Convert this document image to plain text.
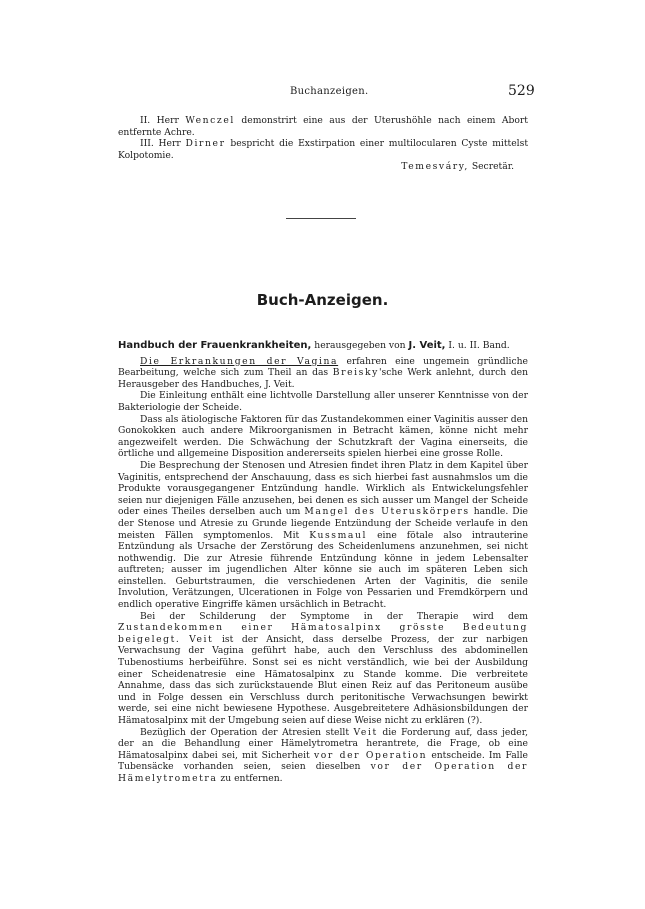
Buchanzeigen.	529

II. Herr Wenczel demonstrirt eine aus der Uterushöhle nach einem Abort entfernte Achre.

III. Herr Dirner bespricht die Exstirpation einer multilocularen Cyste mittelst Kolpotomie.

Temesváry, Secretär.

Buch-Anzeigen.

Handbuch der Frauenkrankheiten, herausgegeben von J. Veit, I. u. II. Band.

Die Erkrankungen der Vagina erfahren eine ungemein gründliche Bearbeitung, welche sich zum Theil an das Breisky'sche Werk anlehnt, durch den Herausgeber des Handbuches, J. Veit.

Die Einleitung enthält eine lichtvolle Darstellung aller unserer Kenntnisse von der Bakteriologie der Scheide.

Dass als ätiologische Faktoren für das Zustandekommen einer Vaginitis ausser den Gonokokken auch andere Mikroorganismen in Betracht kämen, könne nicht mehr angezweifelt werden. Die Schwächung der Schutzkraft der Vagina einerseits, die örtliche und allgemeine Disposition andererseits spielen hierbei eine grosse Rolle.

Die Besprechung der Stenosen und Atresien findet ihren Platz in dem Kapitel über Vaginitis, entsprechend der Anschauung, dass es sich hierbei fast ausnahmslos um die Produkte vorausgegangener Entzündung handle. Wirklich als Entwickelungsfehler seien nur diejenigen Fälle anzusehen, bei denen es sich ausser um Mangel der Scheide oder eines Theiles derselben auch um Mangel des Uteruskörpers handle. Die der Stenose und Atresie zu Grunde liegende Entzündung der Scheide verlaufe in den meisten Fällen symptomenlos. Mit Kussmaul eine fötale also intrauterine Entzündung als Ursache der Zerstörung des Scheidenlumens anzunehmen, sei nicht nothwendig. Die zur Atresie führende Entzündung könne in jedem Lebensalter auftreten; ausser im jugendlichen Alter könne sie auch im späteren Leben sich einstellen. Geburtstraumen, die verschiedenen Arten der Vaginitis, die senile Involution, Verätzungen, Ulcerationen in Folge von Pessarien und Fremdkörpern und endlich operative Eingriffe kämen ursächlich in Betracht.

Bei der Schilderung der Symptome in der Therapie wird dem Zustandekommen einer Hämatosalpinx grösste Bedeutung beigelegt. Veit ist der Ansicht, dass derselbe Prozess, der zur narbigen Verwachsung der Vagina geführt habe, auch den Verschluss des abdominellen Tubenostiums herbeiführe. Sonst sei es nicht verständlich, wie bei der Ausbildung einer Scheidenatresie eine Hämatosalpinx zu Stande komme. Die verbreitete Annahme, dass das sich zurückstauende Blut einen Reiz auf das Peritoneum ausübe und in Folge dessen ein Verschluss durch peritonitische Verwachsungen bewirkt werde, sei eine nicht bewiesene Hypothese. Ausgebreitetere Adhäsionsbildungen der Hämatosalpinx mit der Umgebung seien auf diese Weise nicht zu erklären (?).

Bezüglich der Operation der Atresien stellt Veit die Forderung auf, dass jeder, der an die Behandlung einer Hämelytrometra herantrete, die Frage, ob eine Hämatosalpinx dabei sei, mit Sicherheit vor der Operation entscheide. Im Falle Tubensäcke vorhanden seien, seien dieselben vor der Operation der Hämelytrometra zu entfernen.
